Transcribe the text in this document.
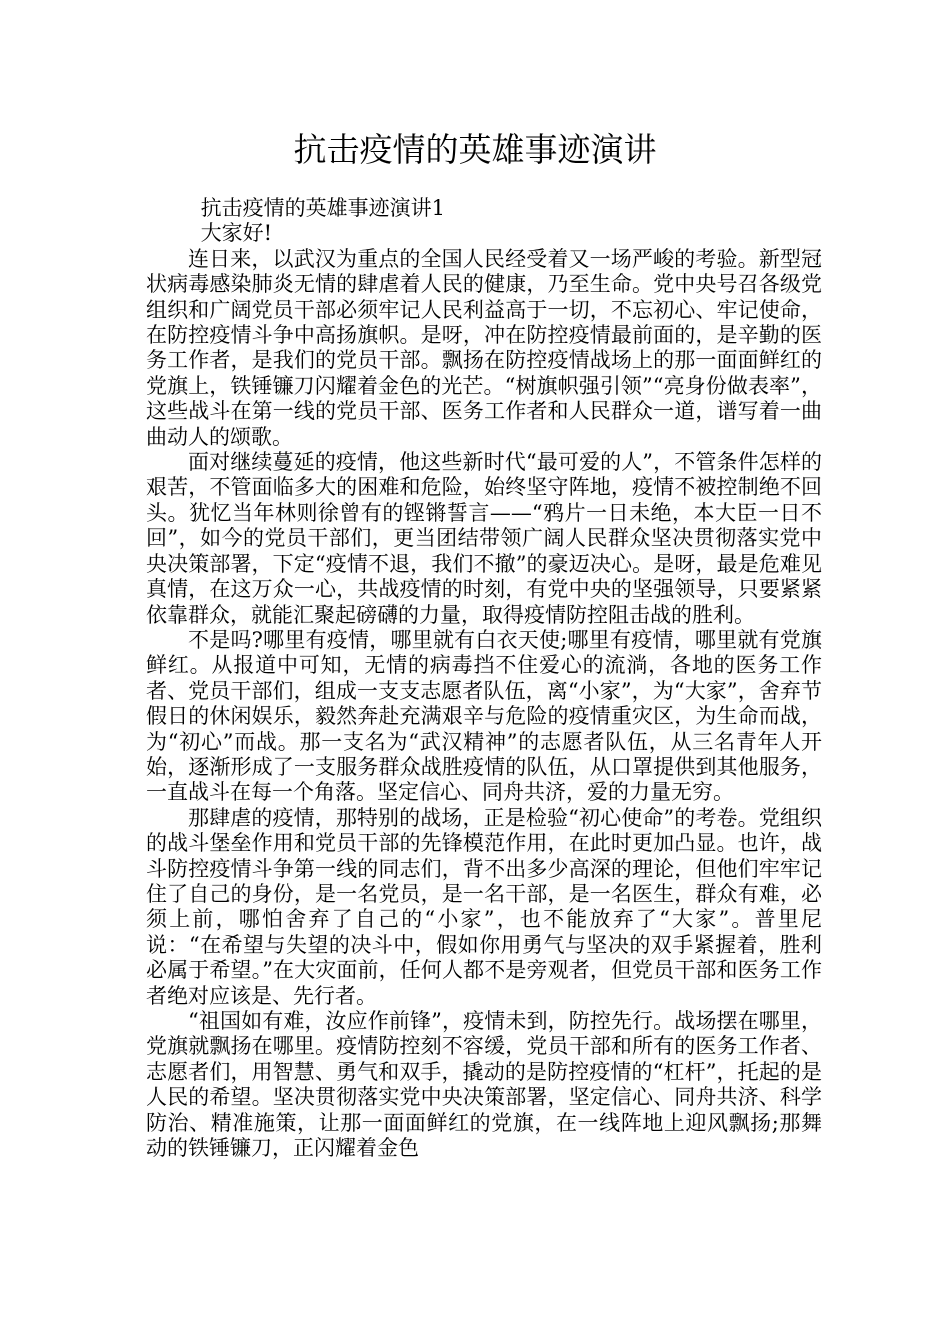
抗击疫情的英雄事迹演讲

抗击疫情的英雄事迹演讲1

大家好!

连日来，以武汉为重点的全国人民经受着又一场严峻的考验。新型冠状病毒感染肺炎无情的肆虐着人民的健康，乃至生命。党中央号召各级党组织和广阔党员干部必须牢记人民利益高于一切，不忘初心、牢记使命，在防控疫情斗争中高扬旗帜。是呀，冲在防控疫情最前面的，是辛勤的医务工作者，是我们的党员干部。飘扬在防控疫情战场上的那一面面鲜红的党旗上，铁锤镰刀闪耀着金色的光芒。“树旗帜强引领”“亮身份做表率”，这些战斗在第一线的党员干部、医务工作者和人民群众一道，谱写着一曲曲动人的颂歌。

面对继续蔓延的疫情，他这些新时代“最可爱的人”，不管条件怎样的艰苦，不管面临多大的困难和危险，始终坚守阵地，疫情不被控制绝不回头。犹忆当年林则徐曾有的铿锵誓言——“鸦片一日未绝，本大臣一日不回”，如今的党员干部们，更当团结带领广阔人民群众坚决贯彻落实党中央决策部署，下定“疫情不退，我们不撤”的豪迈决心。是呀，最是危难见真情，在这万众一心，共战疫情的时刻，有党中央的坚强领导，只要紧紧依靠群众，就能汇聚起磅礴的力量，取得疫情防控阻击战的胜利。

不是吗?哪里有疫情，哪里就有白衣天使;哪里有疫情，哪里就有党旗鲜红。从报道中可知，无情的病毒挡不住爱心的流淌，各地的医务工作者、党员干部们，组成一支支志愿者队伍，离“小家”，为“大家”，舍弃节假日的休闲娱乐，毅然奔赴充满艰辛与危险的疫情重灾区，为生命而战，为“初心”而战。那一支名为“武汉精神”的志愿者队伍，从三名青年人开始，逐渐形成了一支服务群众战胜疫情的队伍，从口罩提供到其他服务，一直战斗在每一个角落。坚定信心、同舟共济，爱的力量无穷。

那肆虐的疫情，那特别的战场，正是检验“初心使命”的考卷。党组织的战斗堡垒作用和党员干部的先锋模范作用，在此时更加凸显。也许，战斗防控疫情斗争第一线的同志们，背不出多少高深的理论，但他们牢牢记住了自己的身份，是一名党员，是一名干部，是一名医生，群众有难，必须上前，哪怕舍弃了自己的“小家”，也不能放弃了“大家”。普里尼说：“在希望与失望的决斗中，假如你用勇气与坚决的双手紧握着，胜利必属于希望。”在大灾面前，任何人都不是旁观者，但党员干部和医务工作者绝对应该是、先行者。

“祖国如有难，汝应作前锋”，疫情未到，防控先行。战场摆在哪里，党旗就飘扬在哪里。疫情防控刻不容缓，党员干部和所有的医务工作者、志愿者们，用智慧、勇气和双手，撬动的是防控疫情的“杠杆”，托起的是人民的希望。坚决贯彻落实党中央决策部署，坚定信心、同舟共济、科学防治、精准施策，让那一面面鲜红的党旗，在一线阵地上迎风飘扬;那舞动的铁锤镰刀，正闪耀着金色
